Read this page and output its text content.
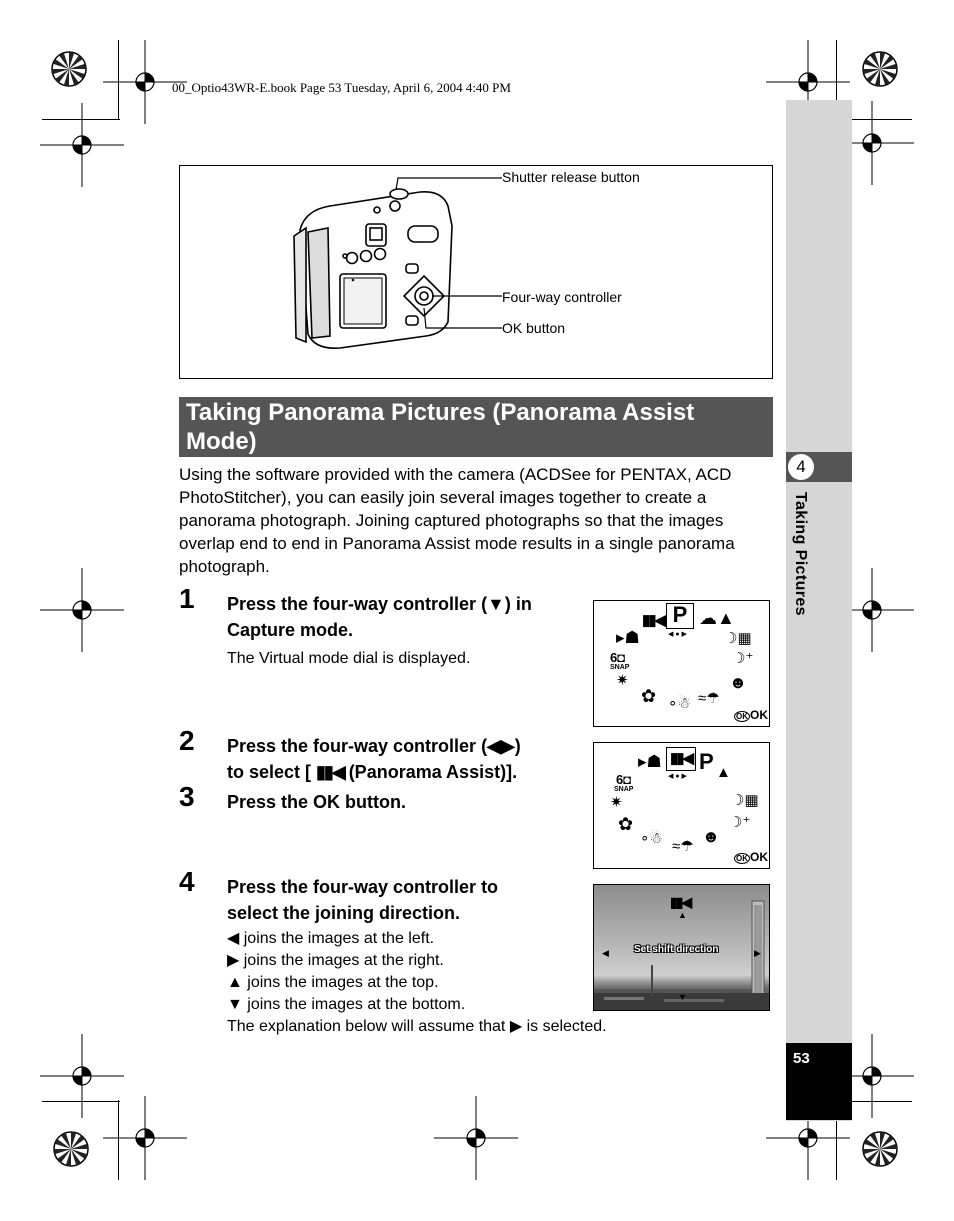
00_Optio43WR-E.book Page 53 Tuesday, April 6, 2004 4:40 PM
4
Taking Pictures
53
Shutter release button
Four-way controller
OK button
Taking Panorama Pictures (Panorama Assist Mode)
Using the software provided with the camera (ACDSee for PENTAX, ACD PhotoStitcher), you can easily join several images together to create a panorama photograph. Joining captured photographs so that the images overlap end to end in Panorama Assist mode results in a single panorama photograph.
1 Press the four-way controller (▼) in
Capture mode.
The Virtual mode dial is displayed.
▮▮◀ P
◀ ● ▶
☁▲
☽▦
☽⁺
☻
≈☂
∘☃
✿
✷
6◘
SNAP
▸☗
OK OK
2 Press the four-way controller (◀▶)
to select [ ▮▮◀ (Panorama Assist)].
3 Press the OK button.
▮▮◀
◀ ● ▶
P ▲
▸☗
6◘
SNAP
☽▦
✷
✿	☽⁺
∘☃ ≈☂
☻
OK OK
4 Press the four-way controller to
select the joining direction.
◀ joins the images at the left.
▶ joins the images at the right.
▲ joins the images at the top.
▼ joins the images at the bottom.
The explanation below will assume that ▶ is selected.
▮▮◀
▲
◀	▶
▼
Set shift direction
